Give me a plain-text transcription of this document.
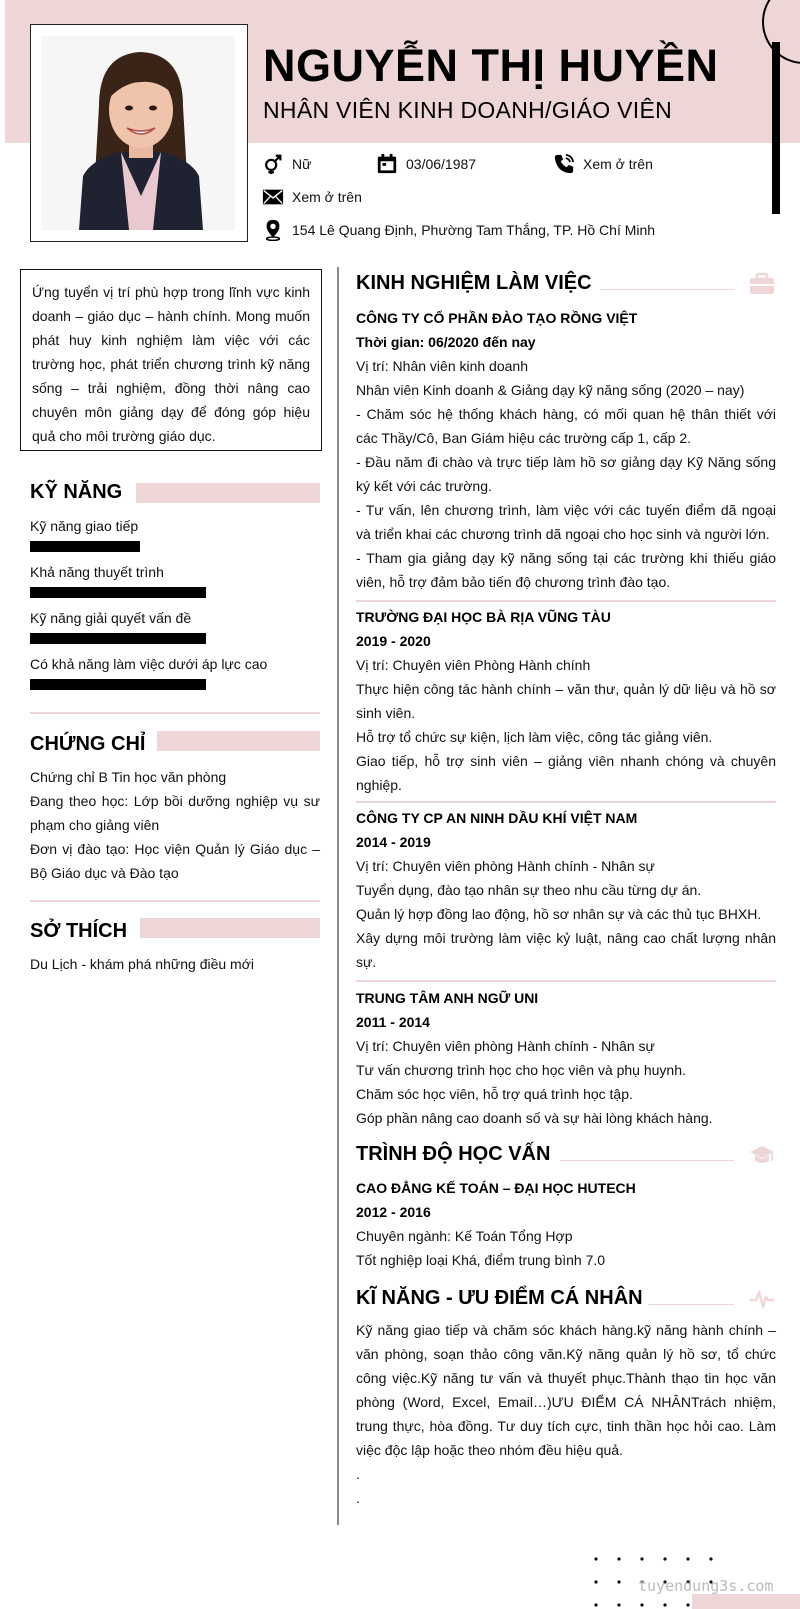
NGUYỄN THỊ HUYỀN
NHÂN VIÊN KINH DOANH/GIÁO VIÊN
Nữ	03/06/1987	Xem ở trên
Xem ở trên
154 Lê Quang Định, Phường Tam Thắng, TP. Hồ Chí Minh
Ứng tuyển vị trí phù hợp trong lĩnh vực kinh doanh – giáo dục – hành chính. Mong muốn phát huy kinh nghiệm làm việc với các trường học, phát triển chương trình kỹ năng sống – trải nghiệm, đồng thời nâng cao chuyên môn giảng dạy để đóng góp hiệu quả cho môi trường giáo dục.
KỸ NĂNG
Kỹ năng giao tiếp
Khả năng thuyết trình
Kỹ năng giải quyết vấn đề
Có khả năng làm việc dưới áp lực cao
CHỨNG CHỈ
Chứng chỉ B Tin học văn phòng
Đang theo học: Lớp bồi dưỡng nghiệp vụ sư phạm cho giảng viên
Đơn vị đào tạo: Học viện Quản lý Giáo dục – Bộ Giáo dục và Đào tạo
SỞ THÍCH
Du Lịch - khám phá những điều mới
KINH NGHIỆM LÀM VIỆC
CÔNG TY CỔ PHẦN ĐÀO TẠO RỒNG VIỆT
Thời gian: 06/2020 đến nay
Vị trí: Nhân viên kinh doanh
Nhân viên Kinh doanh & Giảng dạy kỹ năng sống (2020 – nay)
- Chăm sóc hệ thống khách hàng, có mối quan hệ thân thiết với các Thầy/Cô, Ban Giám hiệu các trường cấp 1, cấp 2.
- Đầu năm đi chào và trực tiếp làm hồ sơ giảng dạy Kỹ Năng sống ký kết với các trường.
- Tư vấn, lên chương trình, làm việc với các tuyến điểm dã ngoại và triển khai các chương trình dã ngoại cho học sinh và người lớn.
- Tham gia giảng dạy kỹ năng sống tại các trường khi thiếu giáo viên, hỗ trợ đảm bảo tiến độ chương trình đào tạo.
TRƯỜNG ĐẠI HỌC BÀ RỊA VŨNG TÀU
2019 - 2020
Vị trí: Chuyên viên Phòng Hành chính
Thực hiện công tác hành chính – văn thư, quản lý dữ liệu và hồ sơ sinh viên.
Hỗ trợ tổ chức sự kiện, lịch làm việc, công tác giảng viên.
Giao tiếp, hỗ trợ sinh viên – giảng viên nhanh chóng và chuyên nghiệp.
CÔNG TY CP AN NINH DẦU KHÍ VIỆT NAM
2014 - 2019
Vị trí: Chuyên viên phòng Hành chính - Nhân sự
Tuyển dụng, đào tạo nhân sự theo nhu cầu từng dự án.
Quản lý hợp đồng lao động, hồ sơ nhân sự và các thủ tục BHXH.
Xây dựng môi trường làm việc kỷ luật, nâng cao chất lượng nhân sự.
TRUNG TÂM ANH NGỮ UNI
2011 - 2014
Vị trí: Chuyên viên phòng Hành chính - Nhân sự
Tư vấn chương trình học cho học viên và phụ huynh.
Chăm sóc học viên, hỗ trợ quá trình học tập.
Góp phần nâng cao doanh số và sự hài lòng khách hàng.
TRÌNH ĐỘ HỌC VẤN
CAO ĐẲNG KẾ TOÁN – ĐẠI HỌC HUTECH
2012 - 2016
Chuyên ngành: Kế Toán Tổng Hợp
Tốt nghiệp loại Khá, điểm trung bình 7.0
KĨ NĂNG - ƯU ĐIỂM CÁ NHÂN
Kỹ năng giao tiếp và chăm sóc khách hàng.kỹ năng hành chính – văn phòng, soạn thảo công văn.Kỹ năng quản lý hồ sơ, tổ chức công việc.Kỹ năng tư vấn và thuyết phục.Thành thạo tin học văn phòng (Word, Excel, Email…)ƯU ĐIỂM CÁ NHÂNTrách nhiệm, trung thực, hòa đồng. Tư duy tích cực, tinh thần học hỏi cao. Làm việc độc lập hoặc theo nhóm đều hiệu quả.
.
.
tuyendung3s.com
